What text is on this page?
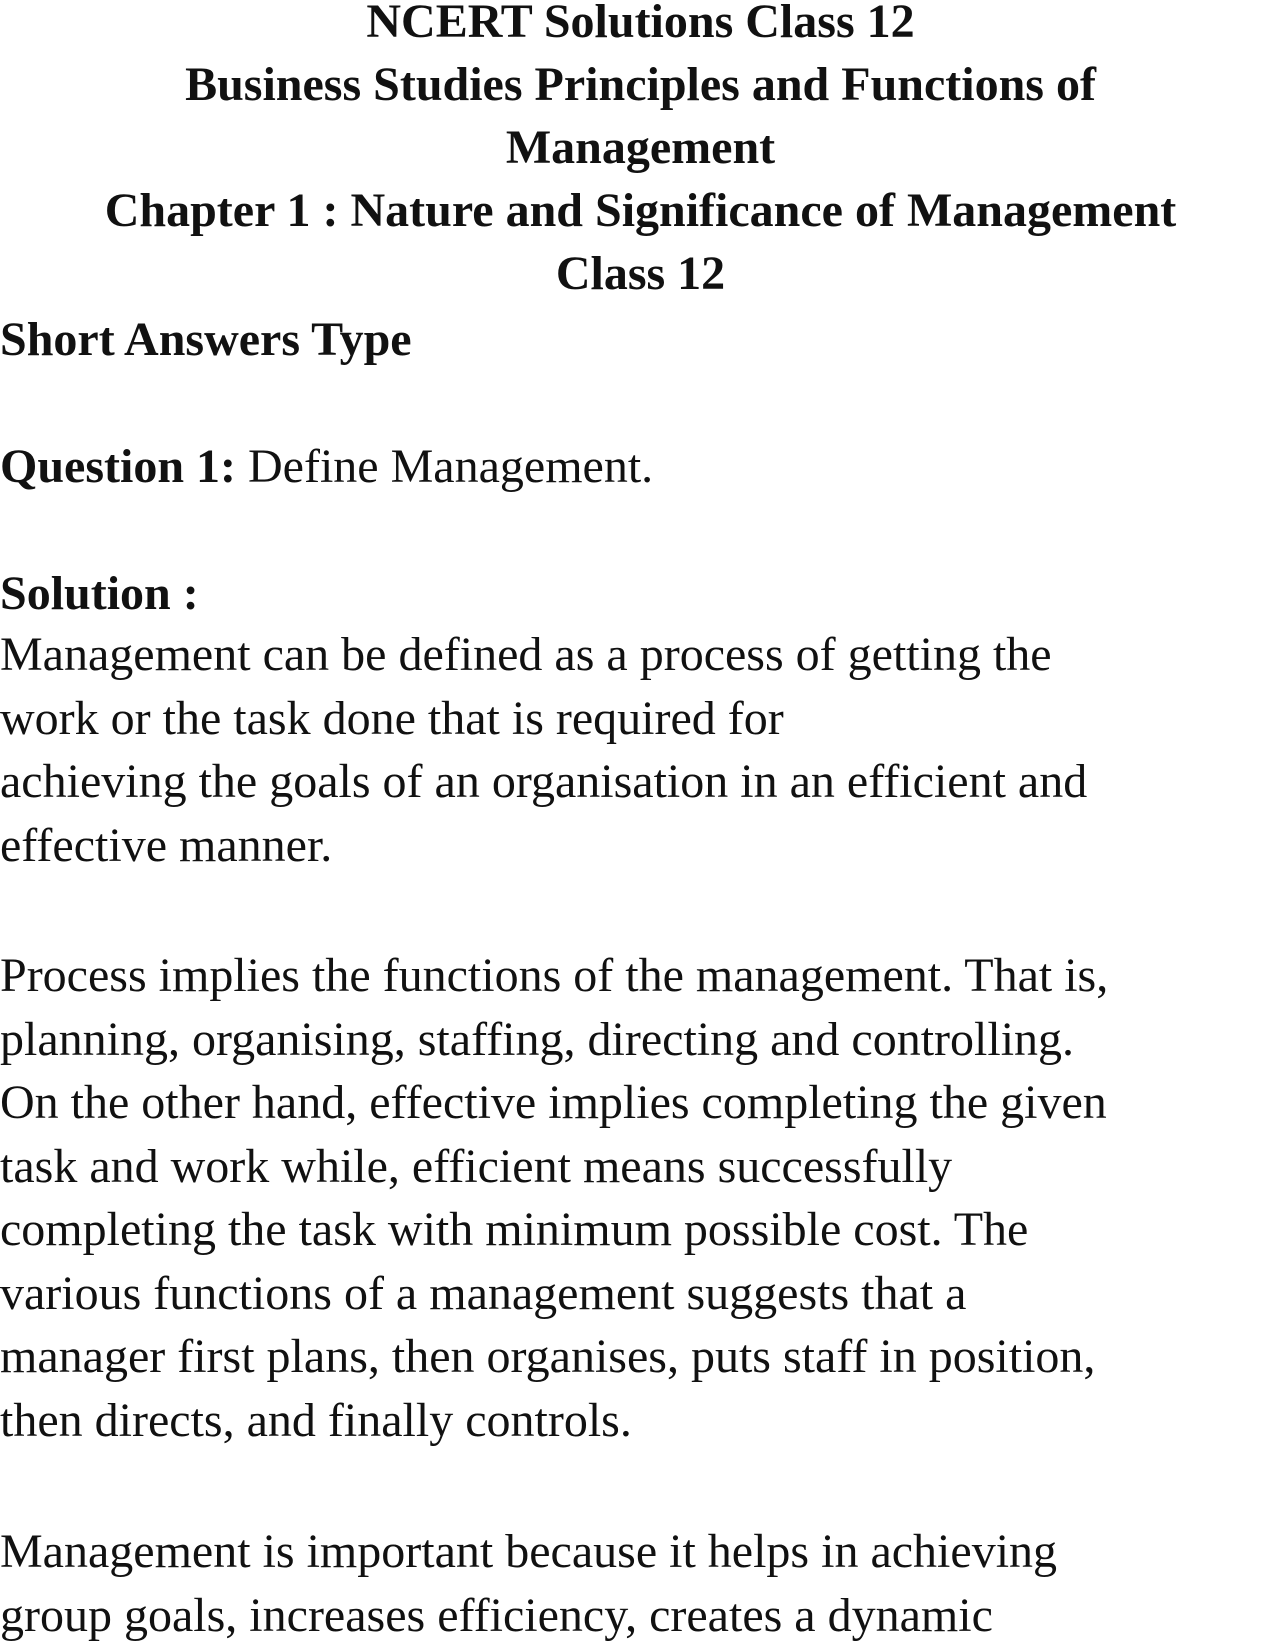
NCERT Solutions Class 12
Business Studies Principles and Functions of
Management
Chapter 1 : Nature and Significance of Management
Class 12
Short Answers Type
Question 1: Define Management.
Solution :
Management can be defined as a process of getting the
work or the task done that is required for
achieving the goals of an organisation in an efficient and
effective manner.
Process implies the functions of the management. That is,
planning, organising, staffing, directing and controlling.
On the other hand, effective implies completing the given
task and work while, efficient means successfully
completing the task with minimum possible cost. The
various functions of a management suggests that a
manager first plans, then organises, puts staff in position,
then directs, and finally controls.
Management is important because it helps in achieving
group goals, increases efficiency, creates a dynamic
